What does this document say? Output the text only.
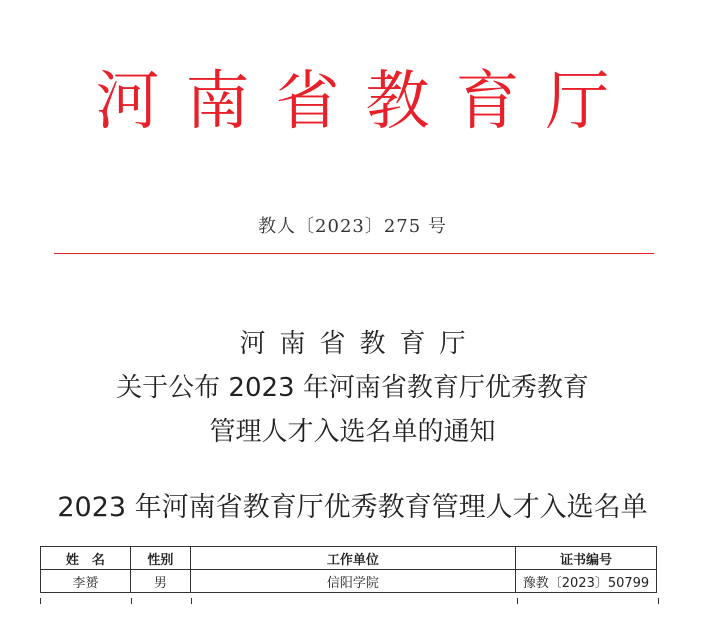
河 南 省 教 育 厅
教人〔2023〕275 号
河南省教育厅
关于公布 2023 年河南省教育厅优秀教育
管理人才入选名单的通知
2023 年河南省教育厅优秀教育管理人才入选名单
姓　名	性别	工作单位	证书编号
李赟	男	信阳学院	豫教〔2023〕50799
